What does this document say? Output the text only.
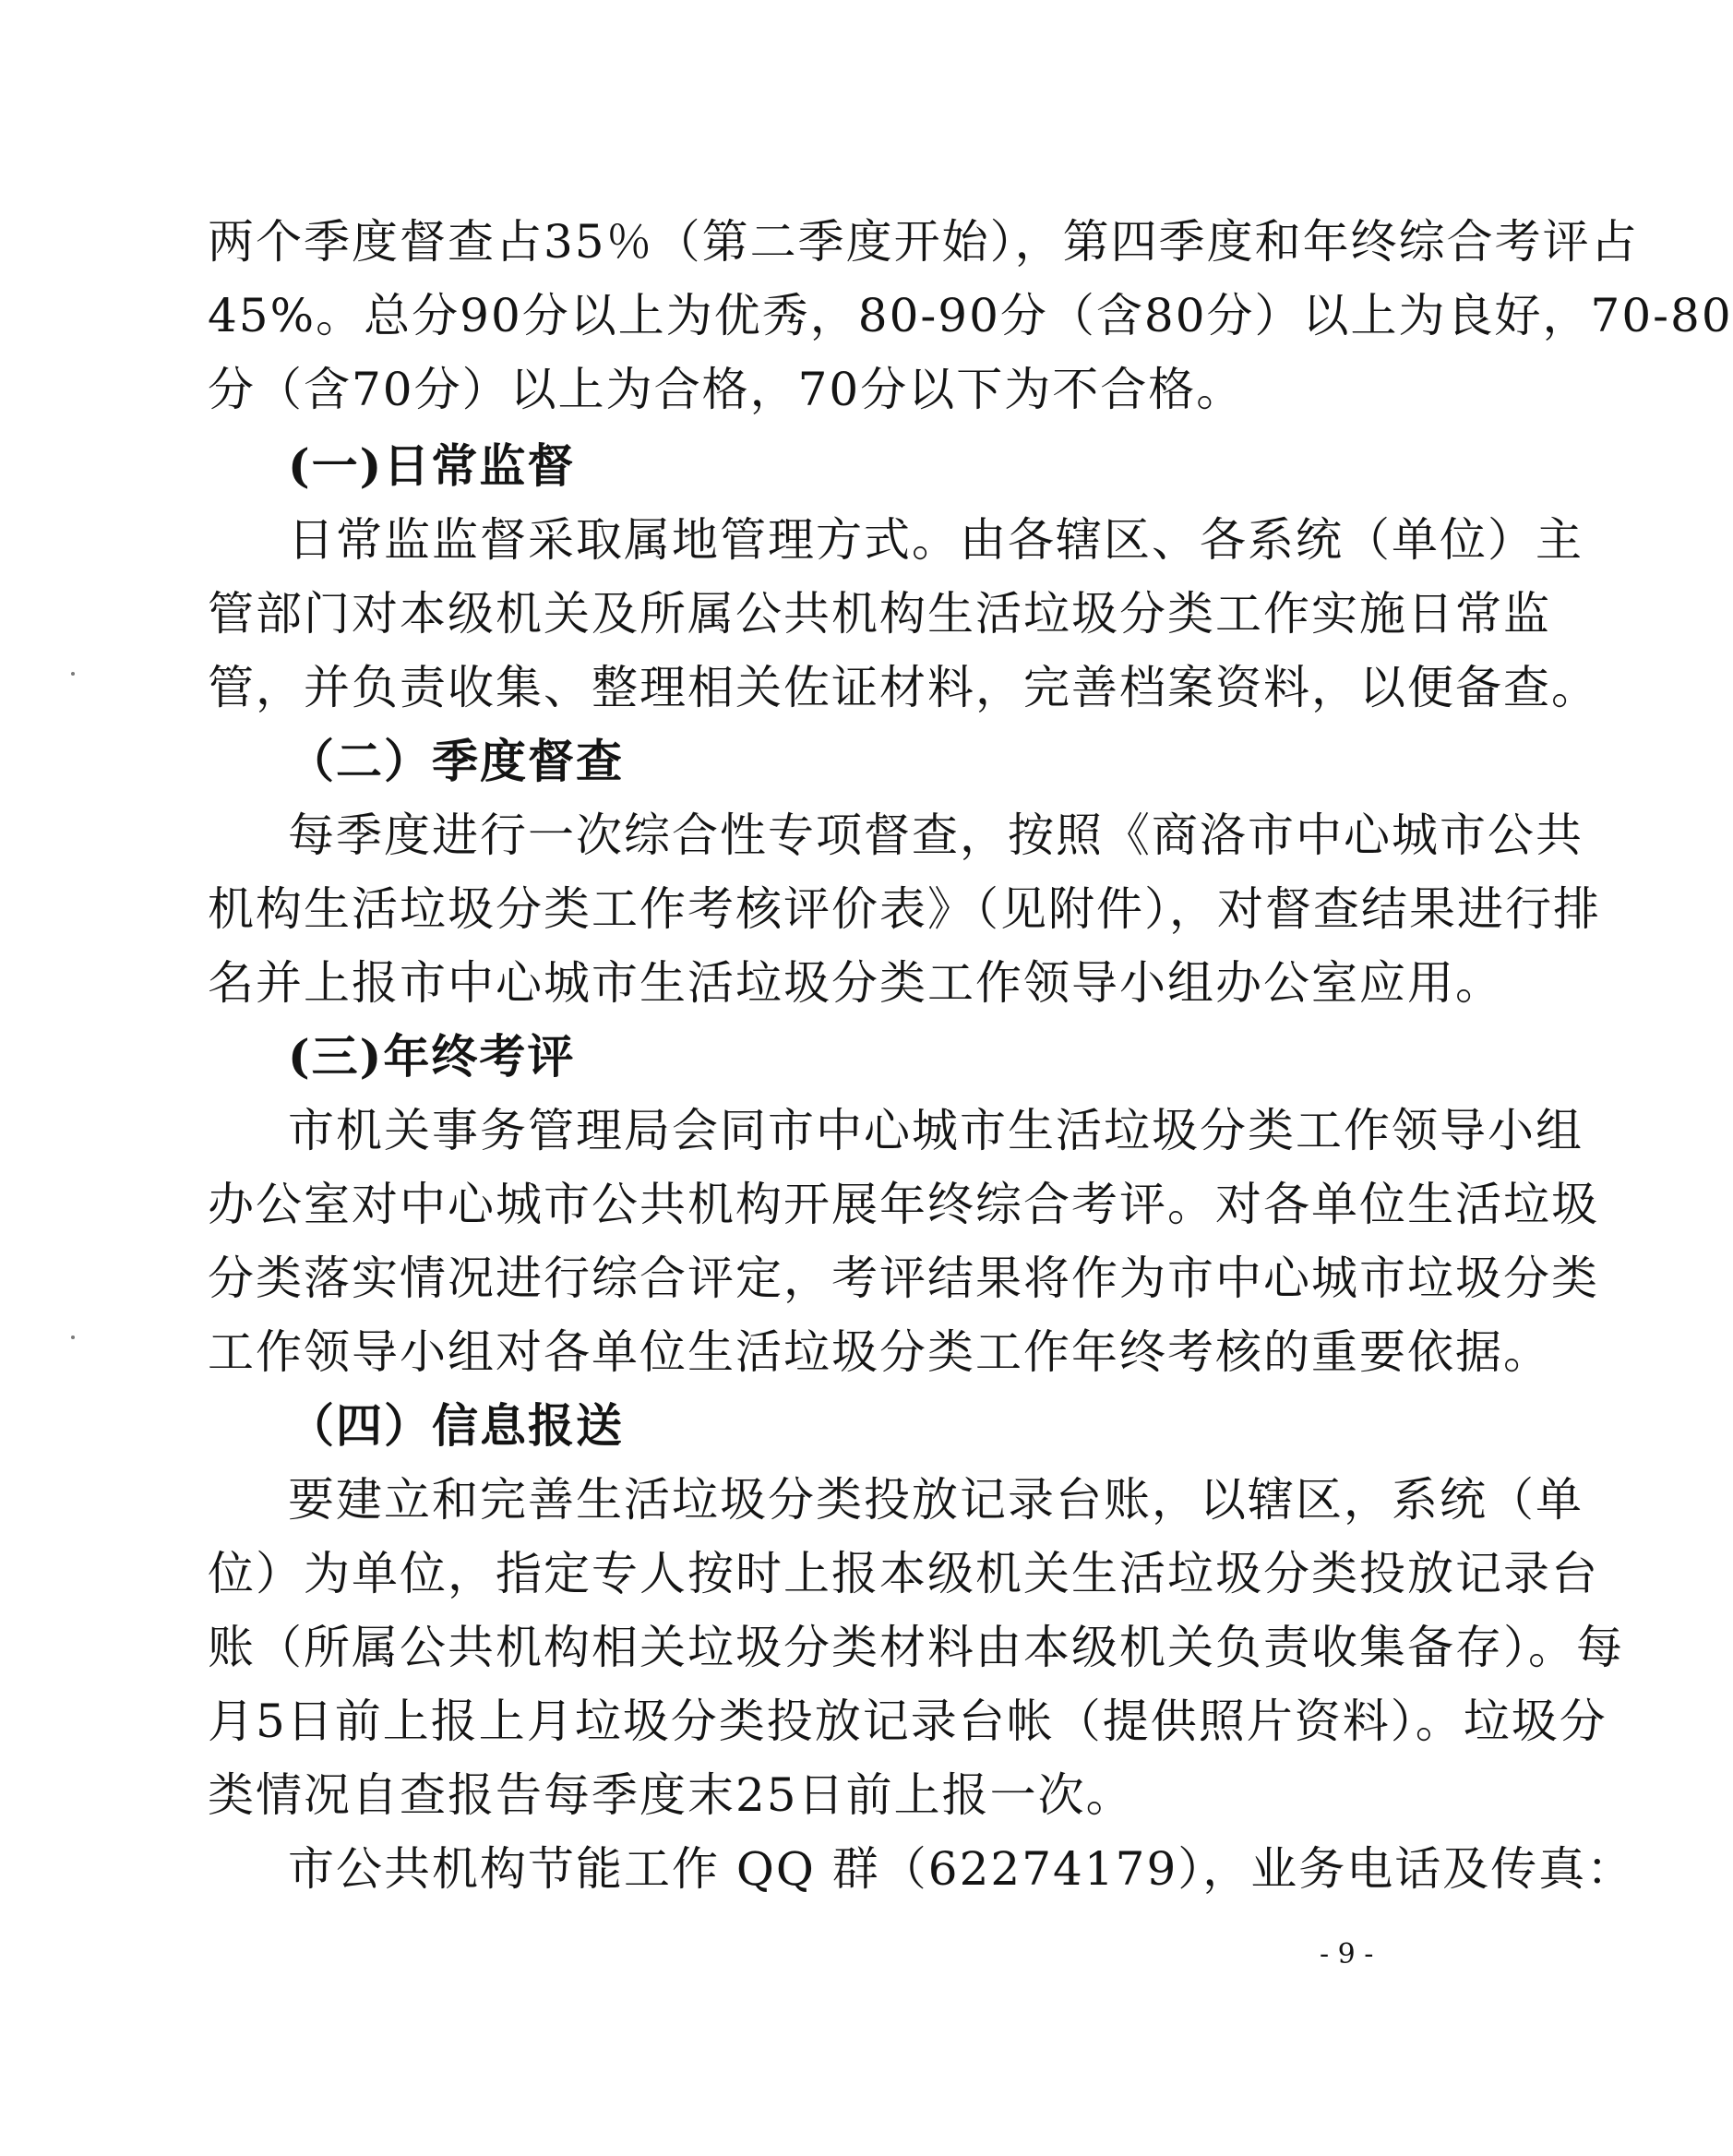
两个季度督查占35％（第二季度开始），第四季度和年终综合考评占
45%。总分90分以上为优秀，80-90分（含80分）以上为良好，70-80
分（含70分）以上为合格，70分以下为不合格。
(一)日常监督
日常监监督采取属地管理方式。由各辖区、各系统（单位）主
管部门对本级机关及所属公共机构生活垃圾分类工作实施日常监
管，并负责收集、整理相关佐证材料，完善档案资料，以便备查。
（二）季度督查
每季度进行一次综合性专项督查，按照《商洛市中心城市公共
机构生活垃圾分类工作考核评价表》（见附件），对督查结果进行排
名并上报市中心城市生活垃圾分类工作领导小组办公室应用。
(三)年终考评
市机关事务管理局会同市中心城市生活垃圾分类工作领导小组
办公室对中心城市公共机构开展年终综合考评。对各单位生活垃圾
分类落实情况进行综合评定，考评结果将作为市中心城市垃圾分类
工作领导小组对各单位生活垃圾分类工作年终考核的重要依据。
（四）信息报送
要建立和完善生活垃圾分类投放记录台账，以辖区，系统（单
位）为单位，指定专人按时上报本级机关生活垃圾分类投放记录台
账（所属公共机构相关垃圾分类材料由本级机关负责收集备存）。每
月5日前上报上月垃圾分类投放记录台帐（提供照片资料）。垃圾分
类情况自查报告每季度末25日前上报一次。
市公共机构节能工作 QQ 群（62274179），业务电话及传真：
- 9 -
